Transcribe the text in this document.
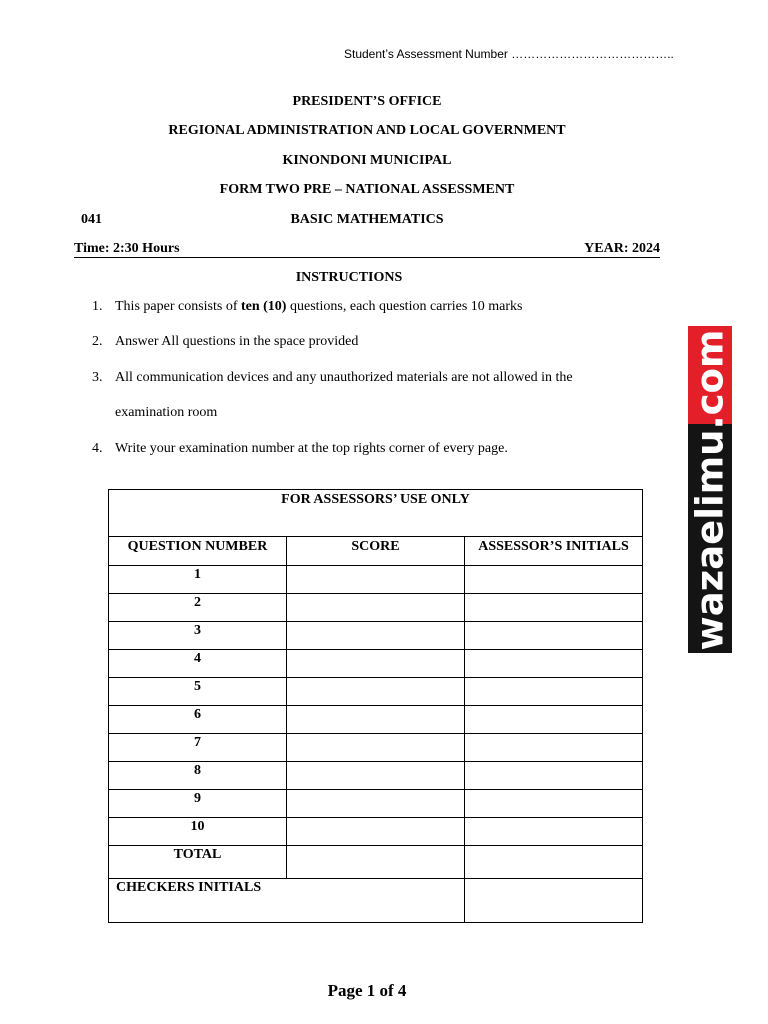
Student’s Assessment Number …………………………………..
PRESIDENT’S OFFICE
REGIONAL ADMINISTRATION AND LOCAL GOVERNMENT
KINONDONI MUNICIPAL
FORM TWO PRE – NATIONAL ASSESSMENT
041	BASIC MATHEMATICS
Time: 2:30 Hours	YEAR: 2024
INSTRUCTIONS
1. This paper consists of ten (10) questions, each question carries 10 marks
2. Answer All questions in the space provided
3. All communication devices and any unauthorized materials are not allowed in the
examination room
4. Write your examination number at the top rights corner of every page.
FOR ASSESSORS’ USE ONLY		
QUESTION NUMBER	SCORE	ASSESSOR’S INITIALS
1		
2		
3		
4		
5		
6		
7		
8		
9		
10		
TOTAL		
CHECKERS INITIALS		
wazaelimu.com
Page 1 of 4
